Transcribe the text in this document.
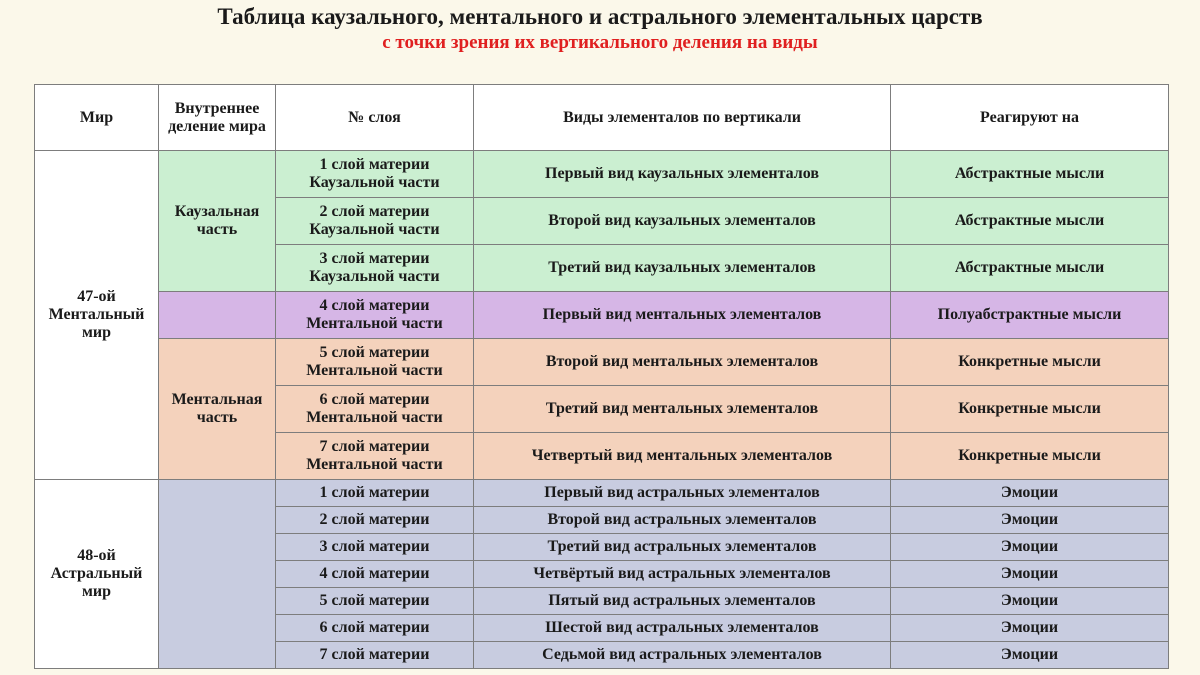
Таблица каузального, ментального и астрального элементальных царств
с точки зрения их вертикального деления на виды
Мир	Внутреннее деление мира	№ слоя	Виды элементалов по вертикали	Реагируют на

47-ой Ментальный мир	Каузальная часть	1 слой материи
Каузальной части	Первый вид каузальных элементалов	Абстрактные мысли

		2 слой материи
Каузальной части	Второй вид каузальных элементалов	Абстрактные мысли

		3 слой материи
Каузальной части	Третий вид каузальных элементалов	Абстрактные мысли

		4 слой материи
Ментальной части	Первый вид ментальных элементалов	Полуабстрактные мысли

	Ментальная часть	5 слой материи
Ментальной части	Второй вид ментальных элементалов	Конкретные мысли

		6 слой материи
Ментальной части	Третий вид ментальных элементалов	Конкретные мысли

		7 слой материи
Ментальной части	Четвертый вид ментальных элементалов	Конкретные мысли

48-ой Астральный мир		1 слой материи	Первый вид астральных элементалов	Эмоции
		2 слой материи	Второй вид астральных элементалов	Эмоции
		3 слой материи	Третий вид астральных элементалов	Эмоции
		4 слой материи	Четвёртый вид астральных элементалов	Эмоции
		5 слой материи	Пятый вид астральных элементалов	Эмоции
		6 слой материи	Шестой вид астральных элементалов	Эмоции
		7 слой материи	Седьмой вид астральных элементалов	Эмоции
